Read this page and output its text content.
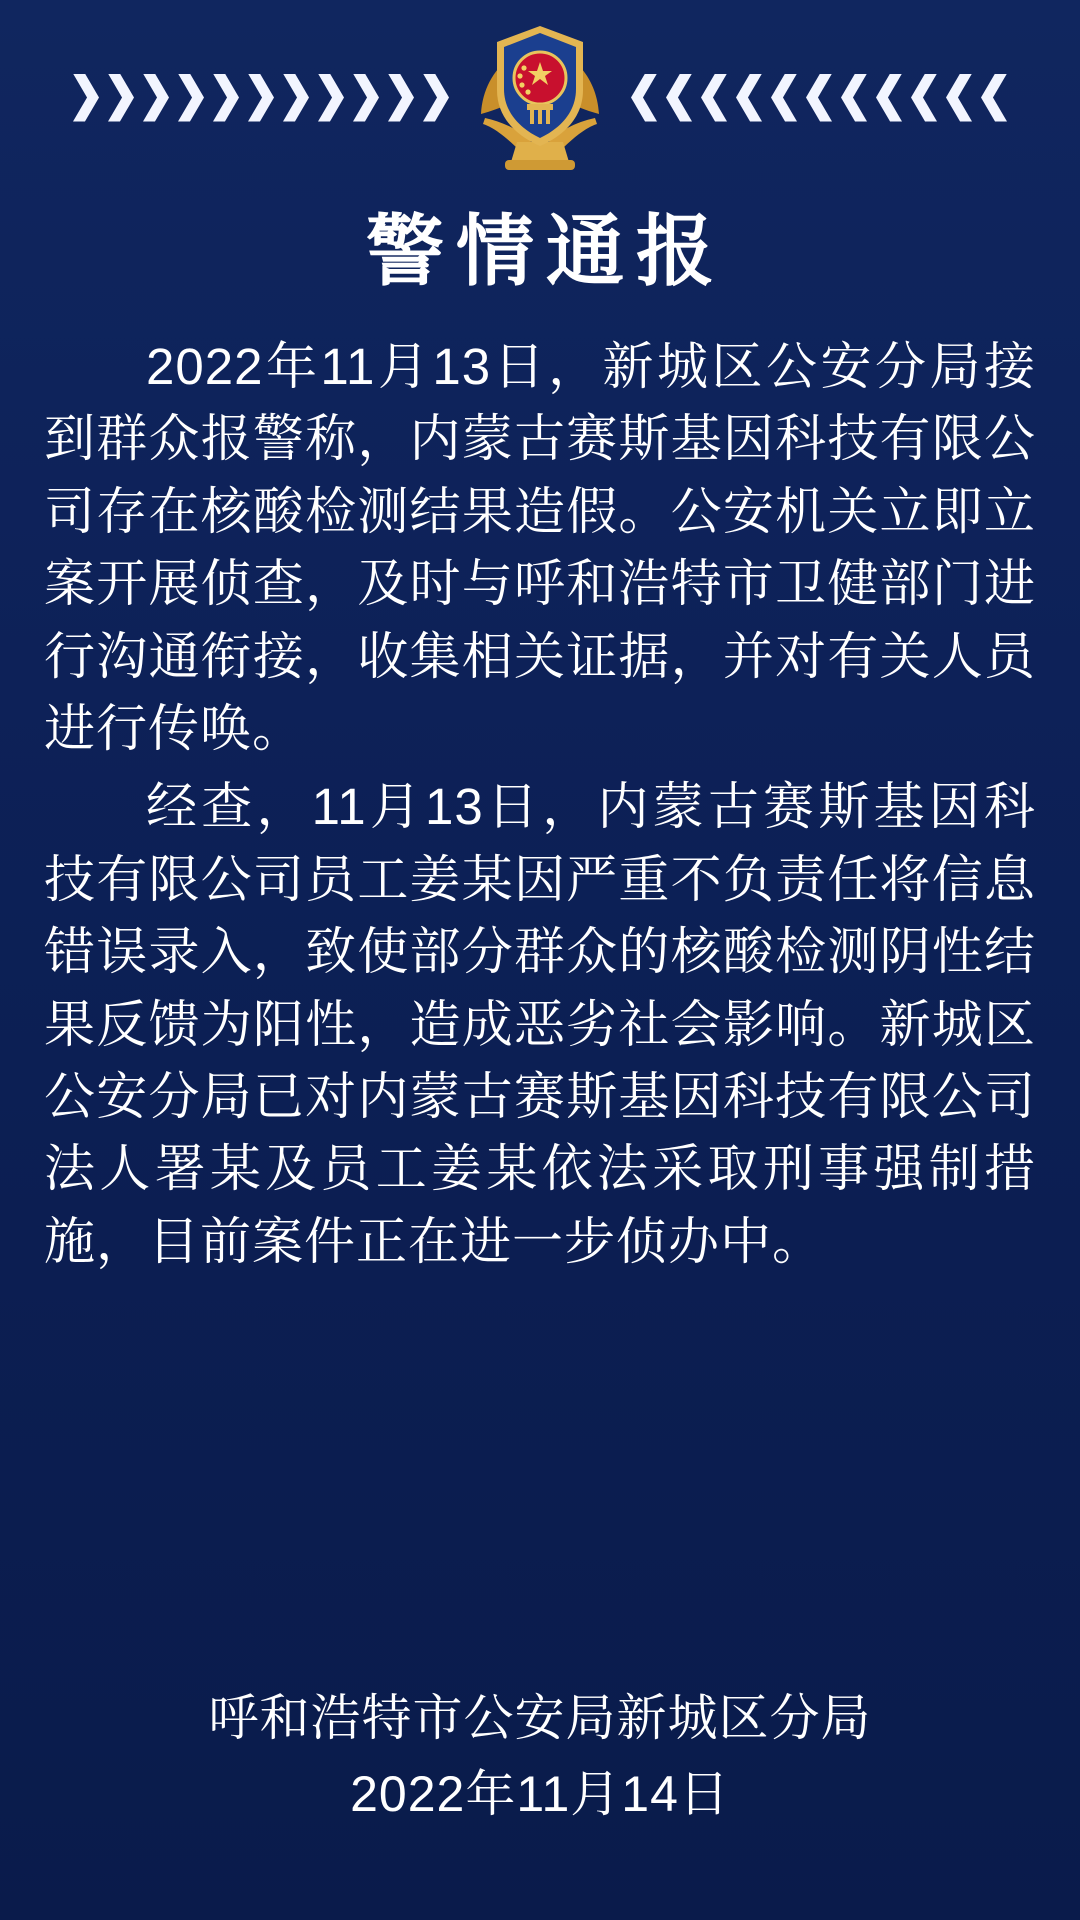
警情通报

2022年11月13日，新城区公安分局接到群众报警称，内蒙古赛斯基因科技有限公司存在核酸检测结果造假。公安机关立即立案开展侦查，及时与呼和浩特市卫健部门进行沟通衔接，收集相关证据，并对有关人员进行传唤。

经查，11月13日，内蒙古赛斯基因科技有限公司员工姜某因严重不负责任将信息错误录入，致使部分群众的核酸检测阴性结果反馈为阳性，造成恶劣社会影响。新城区公安分局已对内蒙古赛斯基因科技有限公司法人署某及员工姜某依法采取刑事强制措施，目前案件正在进一步侦办中。

呼和浩特市公安局新城区分局
2022年11月14日
